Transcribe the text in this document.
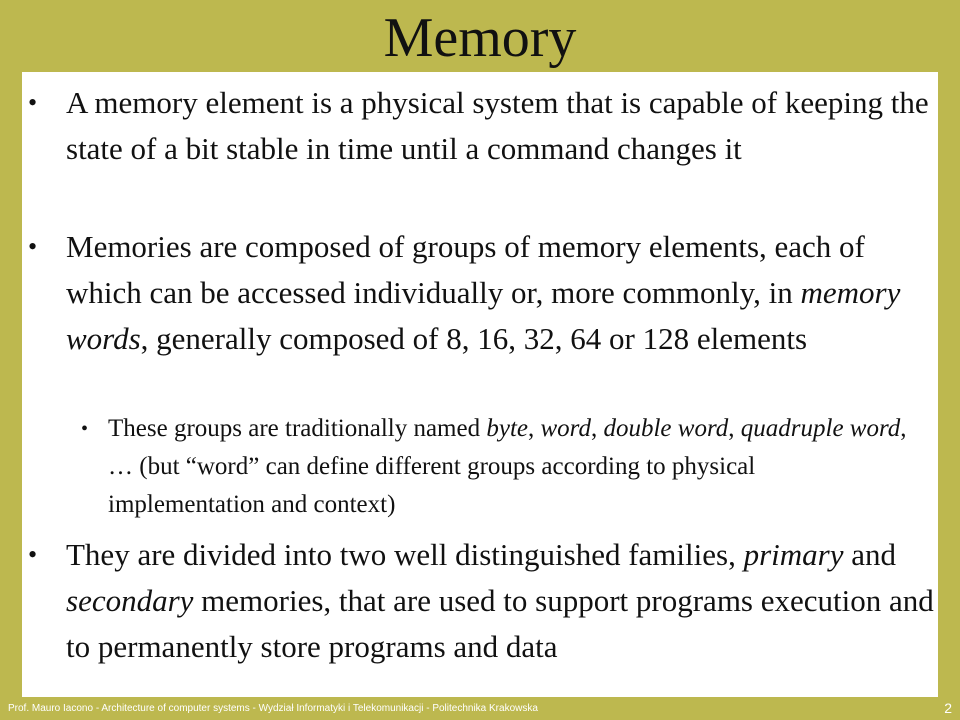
Memory
• A memory element is a physical system that is capable of keeping the state of a bit stable in time until a command changes it
• Memories are composed of groups of memory elements, each of which can be accessed individually or, more commonly, in memory words, generally composed of 8, 16, 32, 64 or 128 elements
• These groups are traditionally named byte, word, double word, quadruple word, … (but “word” can define different groups according to physical implementation and context)
• They are divided into two well distinguished families, primary and secondary memories, that are used to support programs execution and to permanently store programs and data
Prof. Mauro Iacono - Architecture of computer systems - Wydział Informatyki i Telekomunikacji - Politechnika Krakowska	2
